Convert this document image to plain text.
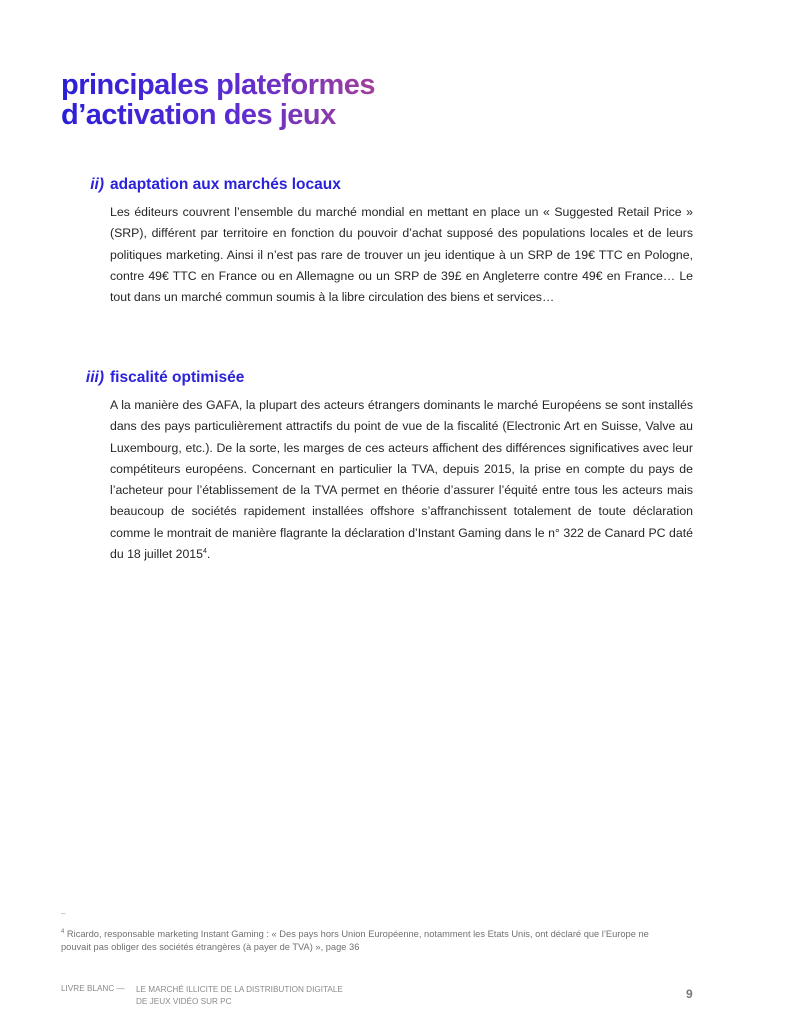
principales plateformes
d’activation des jeux
ii) adaptation aux marchés locaux

Les éditeurs couvrent l’ensemble du marché mondial en mettant en place un « Suggested Retail Price » (SRP), différent par territoire en fonction du pouvoir d’achat supposé des populations locales et de leurs politiques marketing. Ainsi il n’est pas rare de trouver un jeu identique à un SRP de 19€ TTC en Pologne, contre 49€ TTC en France ou en Allemagne ou un SRP de 39£ en Angleterre contre 49€ en France… Le tout dans un marché commun soumis à la libre circulation des biens et services…

iii) fiscalité optimisée

A la manière des GAFA, la plupart des acteurs étrangers dominants le marché Européens se sont installés dans des pays particulièrement attractifs du point de vue de la fiscalité (Electronic Art en Suisse, Valve au Luxembourg, etc.). De la sorte, les marges de ces acteurs affichent des différences significatives avec leur compétiteurs européens. Concernant en particulier la TVA, depuis 2015, la prise en compte du pays de l’acheteur pour l’établissement de la TVA permet en théorie d’assurer l’équité entre tous les acteurs mais beaucoup de sociétés rapidement installées offshore s’affranchissent totalement de toute déclaration comme le montrait de manière flagrante la déclaration d’Instant Gaming dans le n° 322 de Canard PC daté du 18 juillet 2015$^4$.

–

$^4$ Ricardo, responsable marketing Instant Gaming : « Des pays hors Union Européenne, notamment les Etats Unis, ont déclaré que l’Europe ne pouvait pas obliger des sociétés étrangères (à payer de TVA) », page 36

LIVRE BLANC — LE MARCHÉ ILLICITE DE LA DISTRIBUTION DIGITALE
DE JEUX VIDÉO SUR PC	9
